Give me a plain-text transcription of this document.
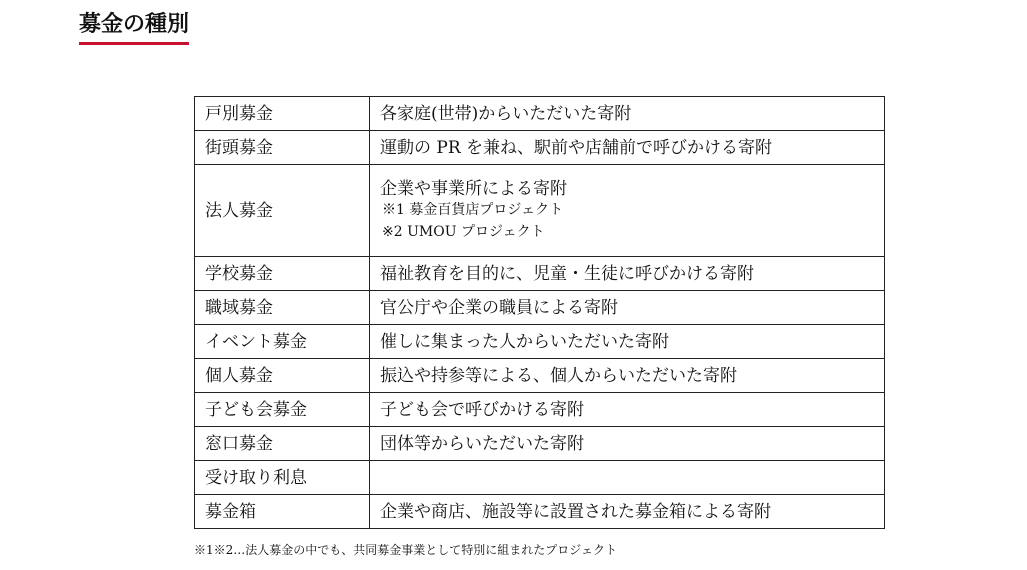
募金の種別
戸別募金	各家庭(世帯)からいただいた寄附
街頭募金	運動の PR を兼ね、駅前や店舗前で呼びかける寄附
法人募金	企業や事業所による寄附
※1 募金百貨店プロジェクト
※2 UMOU プロジェクト

学校募金	福祉教育を目的に、児童・生徒に呼びかける寄附
職域募金	官公庁や企業の職員による寄附
イベント募金	催しに集まった人からいただいた寄附
個人募金	振込や持参等による、個人からいただいた寄附
子ども会募金	子ども会で呼びかける寄附
窓口募金	団体等からいただいた寄附
受け取り利息	
募金箱	企業や商店、施設等に設置された募金箱による寄附

※1※2…法人募金の中でも、共同募金事業として特別に組まれたプロジェクト
